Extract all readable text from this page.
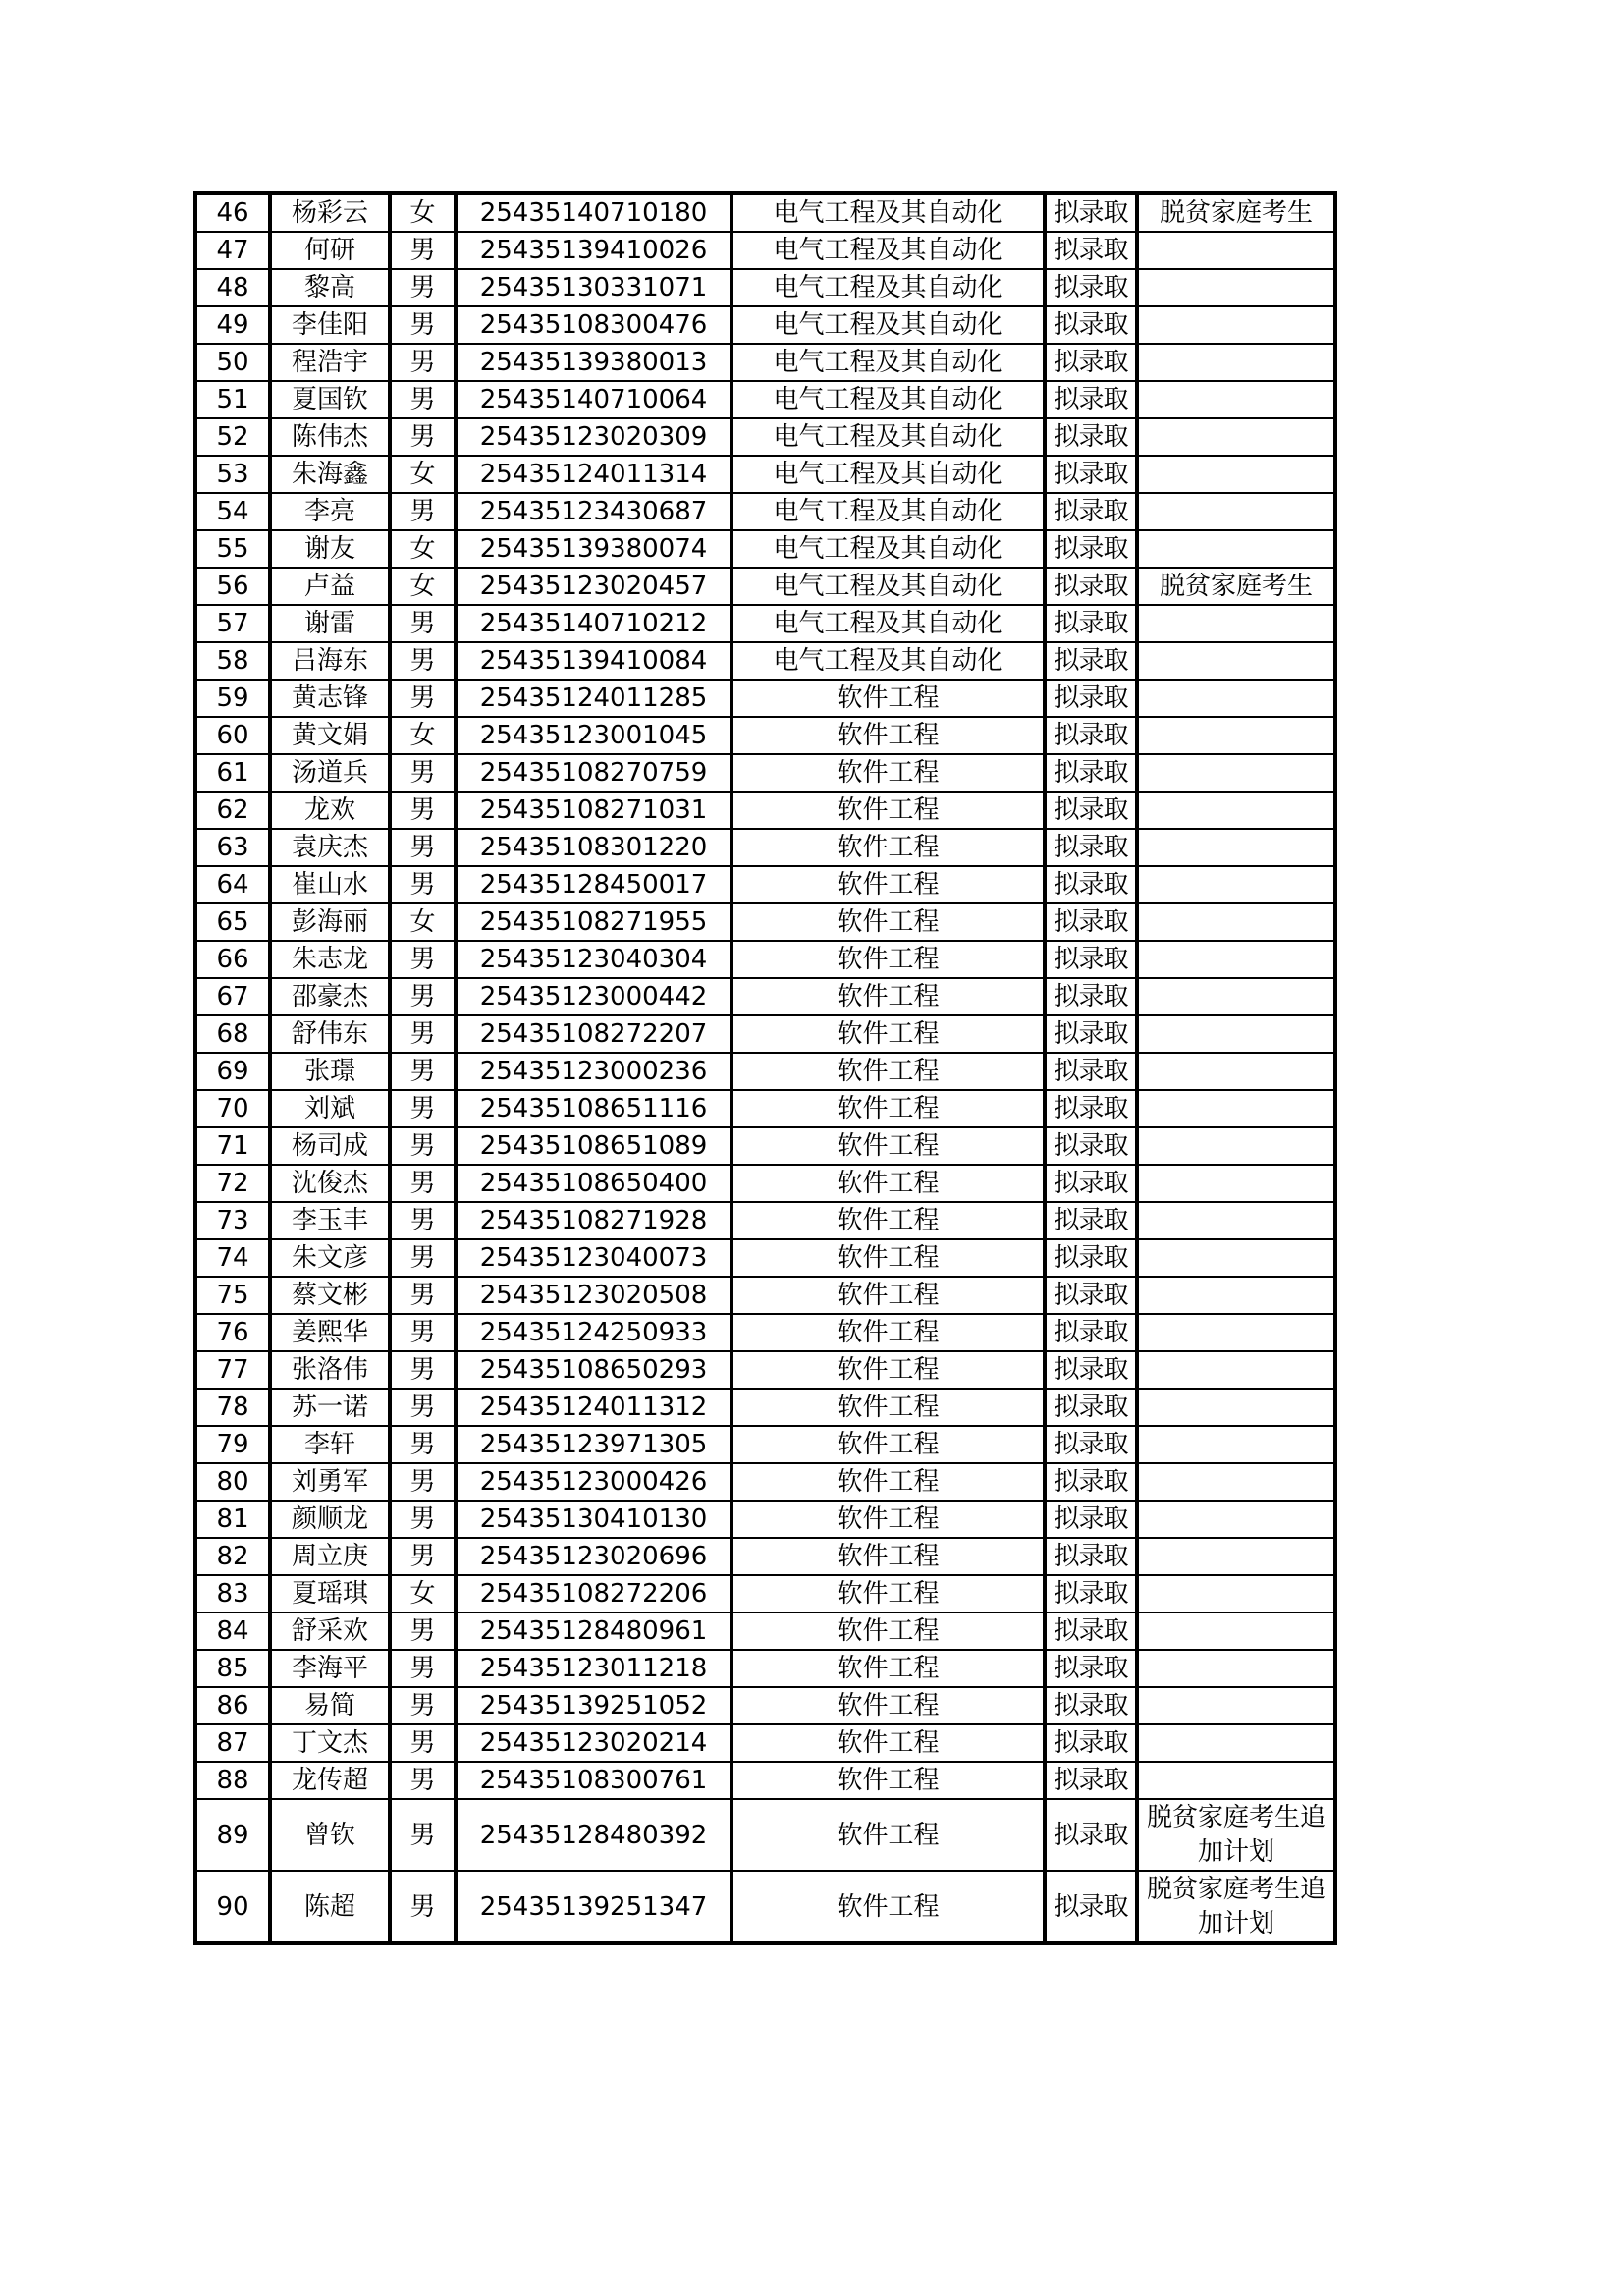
46	杨彩云	女	25435140710180	电气工程及其自动化	拟录取	脱贫家庭考生
47	何研	男	25435139410026	电气工程及其自动化	拟录取	
48	黎高	男	25435130331071	电气工程及其自动化	拟录取	
49	李佳阳	男	25435108300476	电气工程及其自动化	拟录取	
50	程浩宇	男	25435139380013	电气工程及其自动化	拟录取	
51	夏国钦	男	25435140710064	电气工程及其自动化	拟录取	
52	陈伟杰	男	25435123020309	电气工程及其自动化	拟录取	
53	朱海鑫	女	25435124011314	电气工程及其自动化	拟录取	
54	李亮	男	25435123430687	电气工程及其自动化	拟录取	
55	谢友	女	25435139380074	电气工程及其自动化	拟录取	
56	卢益	女	25435123020457	电气工程及其自动化	拟录取	脱贫家庭考生
57	谢雷	男	25435140710212	电气工程及其自动化	拟录取	
58	吕海东	男	25435139410084	电气工程及其自动化	拟录取	
59	黄志锋	男	25435124011285	软件工程	拟录取	
60	黄文娟	女	25435123001045	软件工程	拟录取	
61	汤道兵	男	25435108270759	软件工程	拟录取	
62	龙欢	男	25435108271031	软件工程	拟录取	
63	袁庆杰	男	25435108301220	软件工程	拟录取	
64	崔山水	男	25435128450017	软件工程	拟录取	
65	彭海丽	女	25435108271955	软件工程	拟录取	
66	朱志龙	男	25435123040304	软件工程	拟录取	
67	邵豪杰	男	25435123000442	软件工程	拟录取	
68	舒伟东	男	25435108272207	软件工程	拟录取	
69	张璟	男	25435123000236	软件工程	拟录取	
70	刘斌	男	25435108651116	软件工程	拟录取	
71	杨司成	男	25435108651089	软件工程	拟录取	
72	沈俊杰	男	25435108650400	软件工程	拟录取	
73	李玉丰	男	25435108271928	软件工程	拟录取	
74	朱文彦	男	25435123040073	软件工程	拟录取	
75	蔡文彬	男	25435123020508	软件工程	拟录取	
76	姜熙华	男	25435124250933	软件工程	拟录取	
77	张洛伟	男	25435108650293	软件工程	拟录取	
78	苏一诺	男	25435124011312	软件工程	拟录取	
79	李轩	男	25435123971305	软件工程	拟录取	
80	刘勇军	男	25435123000426	软件工程	拟录取	
81	颜顺龙	男	25435130410130	软件工程	拟录取	
82	周立庚	男	25435123020696	软件工程	拟录取	
83	夏瑶琪	女	25435108272206	软件工程	拟录取	
84	舒采欢	男	25435128480961	软件工程	拟录取	
85	李海平	男	25435123011218	软件工程	拟录取	
86	易简	男	25435139251052	软件工程	拟录取	
87	丁文杰	男	25435123020214	软件工程	拟录取	
88	龙传超	男	25435108300761	软件工程	拟录取	
89	曾钦	男	25435128480392	软件工程	拟录取	脱贫家庭考生追加计划
90	陈超	男	25435139251347	软件工程	拟录取	脱贫家庭考生追加计划
